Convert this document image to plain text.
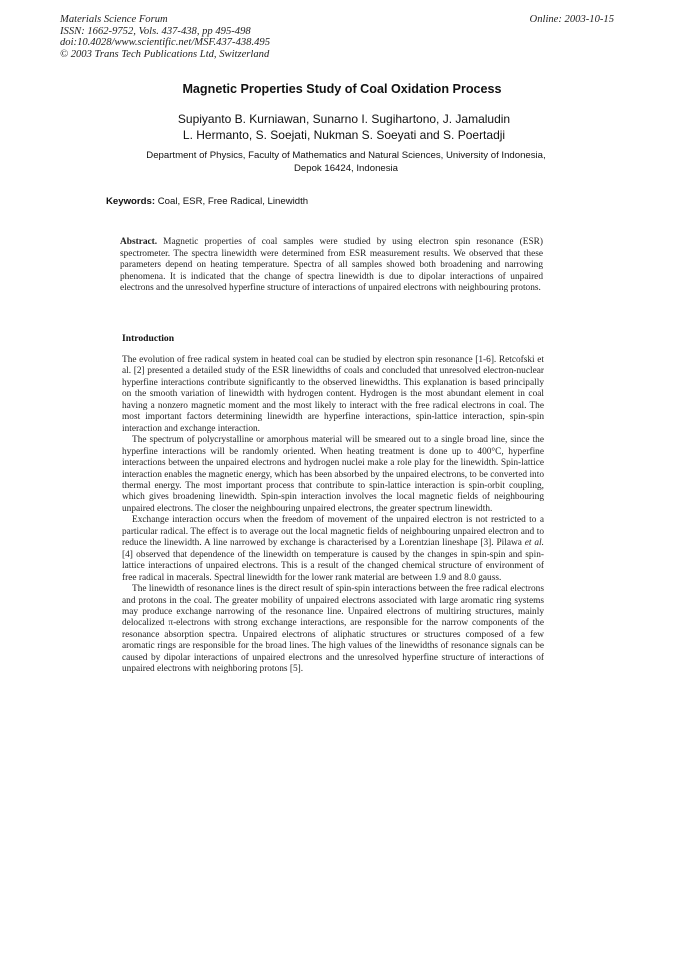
Materials Science Forum
ISSN: 1662-9752, Vols. 437-438, pp 495-498
doi:10.4028/www.scientific.net/MSF.437-438.495
© 2003 Trans Tech Publications Ltd, Switzerland
Online: 2003-10-15
Magnetic Properties Study of Coal Oxidation Process
Supiyanto B. Kurniawan, Sunarno I. Sugihartono, J. Jamaludin
L. Hermanto, S. Soejati, Nukman S. Soeyati and S. Poertadji
Department of Physics, Faculty of Mathematics and Natural Sciences, University of Indonesia,
Depok 16424, Indonesia
Keywords: Coal, ESR, Free Radical, Linewidth
Abstract. Magnetic properties of coal samples were studied by using electron spin resonance (ESR) spectrometer. The spectra linewidth were determined from ESR measurement results. We observed that these parameters depend on heating temperature. Spectra of all samples showed both broadening and narrowing phenomena. It is indicated that the change of spectra linewidth is due to dipolar interactions of unpaired electrons and the unresolved hyperfine structure of interactions of unpaired electrons with neighbouring protons.
Introduction

The evolution of free radical system in heated coal can be studied by electron spin resonance [1-6]. Retcofski et al. [2] presented a detailed study of the ESR linewidths of coals and concluded that unresolved electron-nuclear hyperfine interactions contribute significantly to the observed linewidths. This explanation is based principally on the smooth variation of linewidth with hydrogen content. Hydrogen is the most abundant element in coal having a nonzero magnetic moment and the most likely to interact with the free radical electrons in coal. The most important factors determining linewidth are hyperfine interactions, spin-lattice interaction, spin-spin interaction and exchange interaction.

The spectrum of polycrystalline or amorphous material will be smeared out to a single broad line, since the hyperfine interactions will be randomly oriented. When heating treatment is done up to 400°C, hyperfine interactions between the unpaired electrons and hydrogen nuclei make a role play for the linewidth. Spin-lattice interaction enables the magnetic energy, which has been absorbed by the unpaired electrons, to be converted into thermal energy. The most important process that contribute to spin-lattice interaction is spin-orbit coupling, which gives broadening linewidth. Spin-spin interaction involves the local magnetic fields of neighbouring unpaired electrons. The closer the neighbouring unpaired electrons, the greater spectrum linewidth.

Exchange interaction occurs when the freedom of movement of the unpaired electron is not restricted to a particular radical. The effect is to average out the local magnetic fields of neighbouring unpaired electron and to reduce the linewidth. A line narrowed by exchange is characterised by a Lorentzian lineshape [3]. Pilawa et al. [4] observed that dependence of the linewidth on temperature is caused by the changes in spin-spin and spin-lattice interactions of unpaired electrons. This is a result of the changed chemical structure of environment of free radical in macerals. Spectral linewidth for the lower rank material are between 1.9 and 8.0 gauss.

The linewidth of resonance lines is the direct result of spin-spin interactions between the free radical electrons and protons in the coal. The greater mobility of unpaired electrons associated with large aromatic ring systems may produce exchange narrowing of the resonance line. Unpaired electrons of multiring structures, mainly delocalized π-electrons with strong exchange interactions, are responsible for the narrow components of the resonance absorption spectra. Unpaired electrons of aliphatic structures or structures composed of a few aromatic rings are responsible for the broad lines. The high values of the linewidths of resonance signals can be caused by dipolar interactions of unpaired electrons and the unresolved hyperfine structure of interactions of unpaired electrons with neighboring protons [5].
